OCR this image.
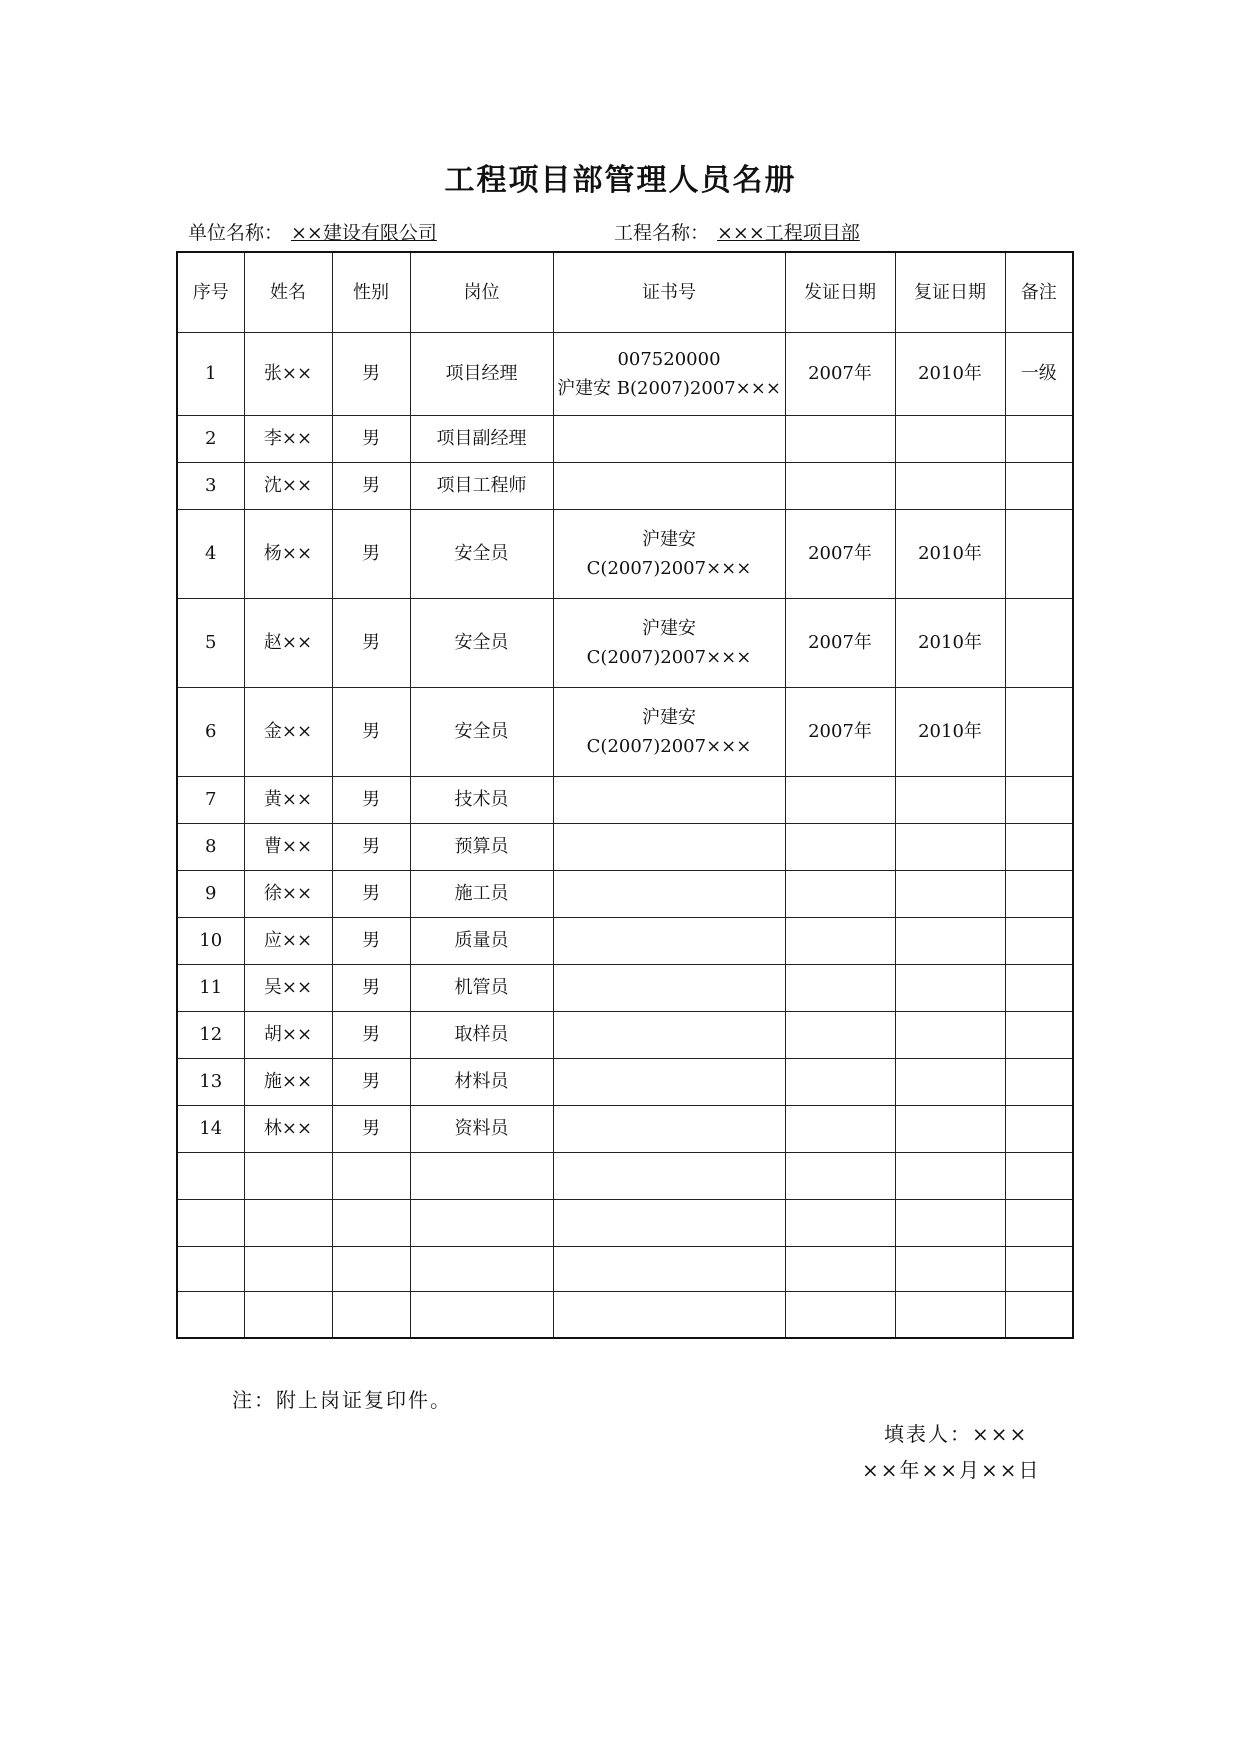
工程项目部管理人员名册
单位名称： ××建设有限公司	工程名称： ×××工程项目部
序号	姓名	性别	岗位	证书号	发证日期	复证日期	备注
1	张××	男	项目经理	007520000
沪建安 B(2007)2007×××	2007年	2010年	一级
2	李××	男	项目副经理	

3	沈××	男	项目工程师	

4	杨××	男	安全员	沪建安
C(2007)2007×××	2007年	2010年	
5	赵××	男	安全员	沪建安
C(2007)2007×××	2007年	2010年	
6	金××	男	安全员	沪建安
C(2007)2007×××	2007年	2010年	
7	黄××	男	技术员	

8	曹××	男	预算员	

9	徐××	男	施工员	

10	应××	男	质量员	

11	吴××	男	机管员	

12	胡××	男	取样员	

13	施××	男	材料员	

14	林××	男	资料员	

注：附上岗证复印件。
填表人：×××
××年××月××日
